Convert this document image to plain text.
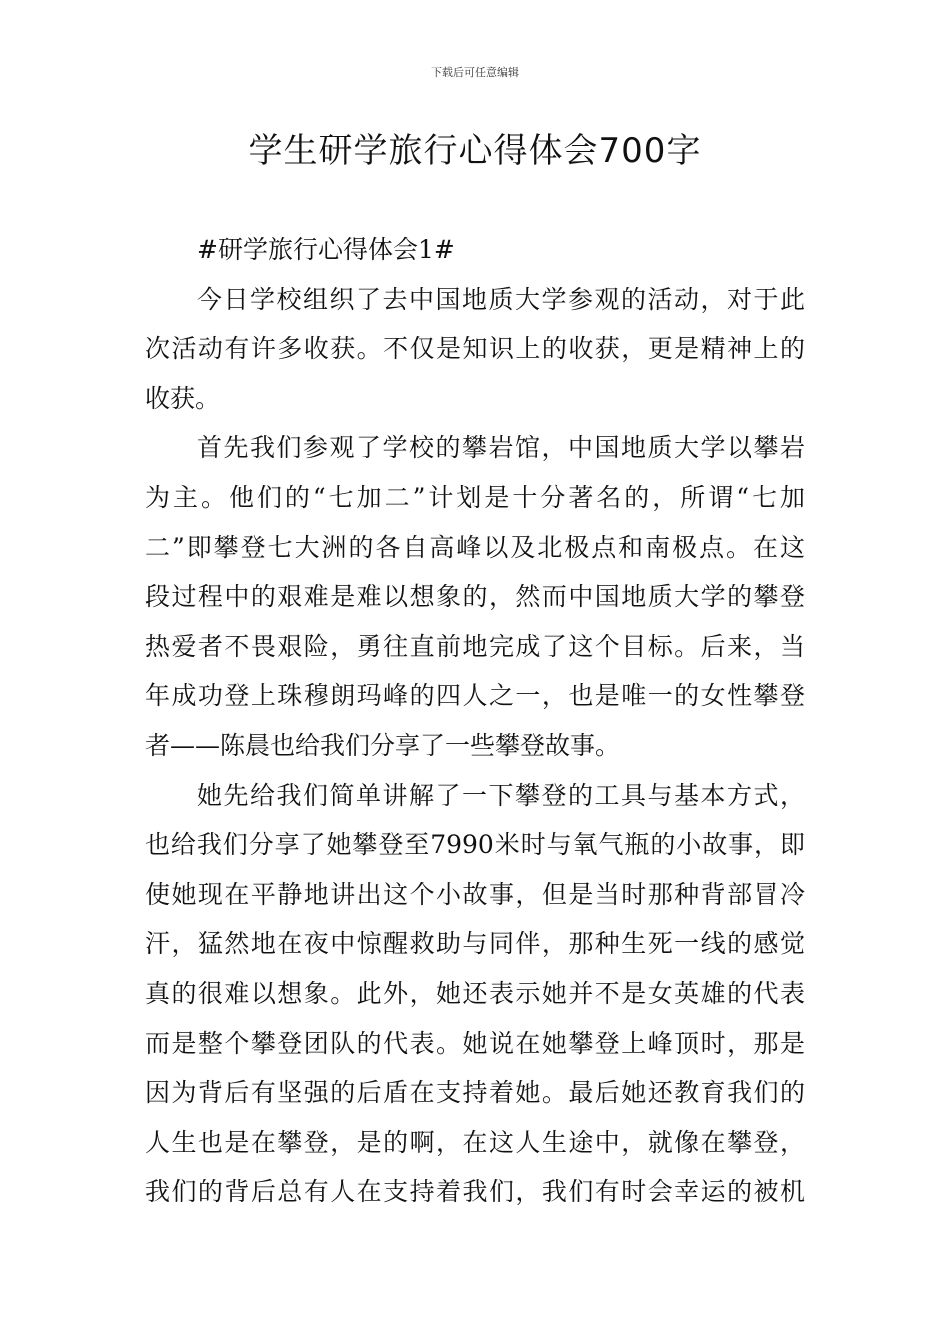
下载后可任意编辑
学生研学旅行心得体会700字
#研学旅行心得体会1#
今日学校组织了去中国地质大学参观的活动，对于此
次活动有许多收获。不仅是知识上的收获，更是精神上的
收获。
首先我们参观了学校的攀岩馆，中国地质大学以攀岩
为主。他们的“七加二”计划是十分著名的，所谓“七加
二”即攀登七大洲的各自高峰以及北极点和南极点。在这
段过程中的艰难是难以想象的，然而中国地质大学的攀登
热爱者不畏艰险，勇往直前地完成了这个目标。后来，当
年成功登上珠穆朗玛峰的四人之一，也是唯一的女性攀登
者——陈晨也给我们分享了一些攀登故事。
她先给我们简单讲解了一下攀登的工具与基本方式，
也给我们分享了她攀登至7990米时与氧气瓶的小故事，即
使她现在平静地讲出这个小故事，但是当时那种背部冒冷
汗，猛然地在夜中惊醒救助与同伴，那种生死一线的感觉
真的很难以想象。此外，她还表示她并不是女英雄的代表
而是整个攀登团队的代表。她说在她攀登上峰顶时，那是
因为背后有坚强的后盾在支持着她。最后她还教育我们的
人生也是在攀登，是的啊，在这人生途中，就像在攀登，
我们的背后总有人在支持着我们，我们有时会幸运的被机
